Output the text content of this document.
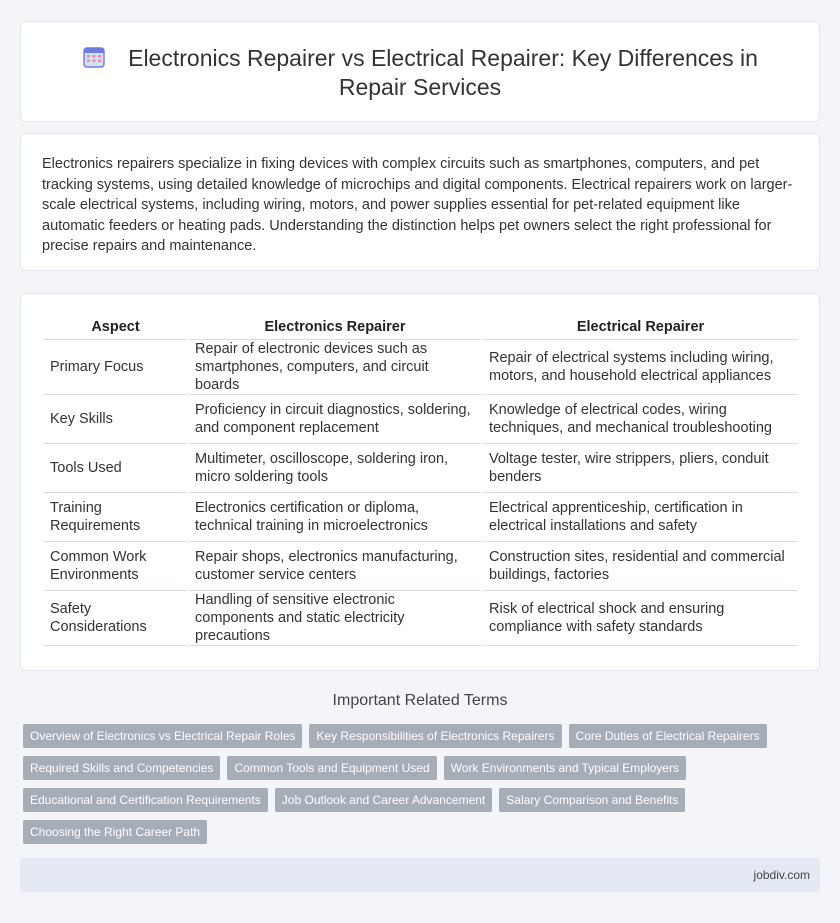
Electronics Repairer vs Electrical Repairer: Key Differences in Repair Services

Electronics repairers specialize in fixing devices with complex circuits such as smartphones, computers, and pet tracking systems, using detailed knowledge of microchips and digital components. Electrical repairers work on larger-scale electrical systems, including wiring, motors, and power supplies essential for pet-related equipment like automatic feeders or heating pads. Understanding the distinction helps pet owners select the right professional for precise repairs and maintenance.

Aspect	Electronics Repairer	Electrical Repairer
Primary Focus	Repair of electronic devices such as smartphones, computers, and circuit boards	Repair of electrical systems including wiring, motors, and household electrical appliances
Key Skills	Proficiency in circuit diagnostics, soldering, and component replacement	Knowledge of electrical codes, wiring techniques, and mechanical troubleshooting
Tools Used	Multimeter, oscilloscope, soldering iron, micro soldering tools	Voltage tester, wire strippers, pliers, conduit benders
Training Requirements	Electronics certification or diploma, technical training in microelectronics	Electrical apprenticeship, certification in electrical installations and safety
Common Work Environments	Repair shops, electronics manufacturing, customer service centers	Construction sites, residential and commercial buildings, factories
Safety Considerations	Handling of sensitive electronic components and static electricity precautions	Risk of electrical shock and ensuring compliance with safety standards
Important Related Terms
Overview of Electronics vs Electrical Repair Roles	Key Responsibilities of Electronics Repairers	Core Duties of Electrical Repairers
Required Skills and Competencies	Common Tools and Equipment Used	Work Environments and Typical Employers
Educational and Certification Requirements	Job Outlook and Career Advancement	Salary Comparison and Benefits
Choosing the Right Career Path
jobdiv.com
